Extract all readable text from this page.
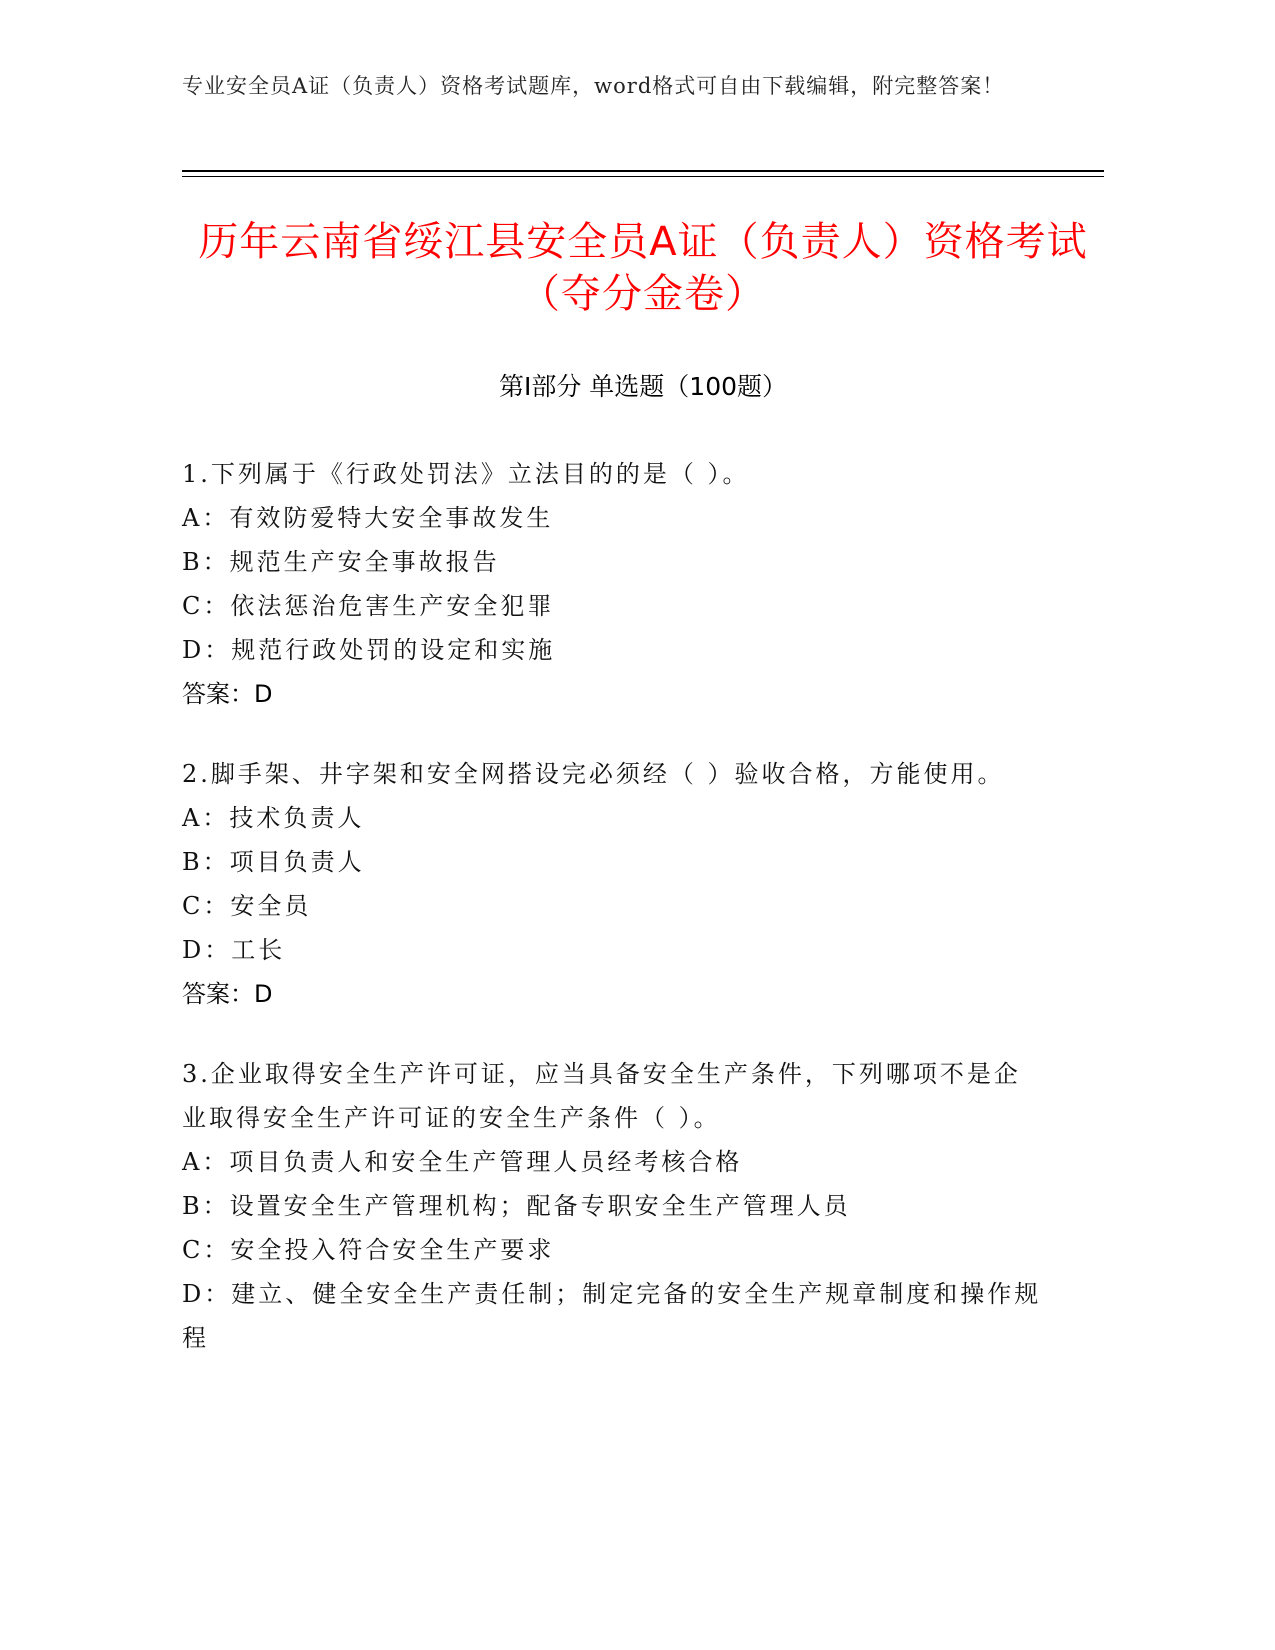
专业安全员A证（负责人）资格考试题库，word格式可自由下载编辑，附完整答案！
历年云南省绥江县安全员A证（负责人）资格考试（夺分金卷）
第Ⅰ部分 单选题（100题）
1.下列属于《行政处罚法》立法目的的是（ ）。
A：有效防爱特大安全事故发生
B：规范生产安全事故报告
C：依法惩治危害生产安全犯罪
D：规范行政处罚的设定和实施
答案：D
2.脚手架、井字架和安全网搭设完必须经（ ）验收合格，方能使用。
A：技术负责人
B：项目负责人
C：安全员
D：工长
答案：D
3.企业取得安全生产许可证，应当具备安全生产条件，下列哪项不是企业取得安全生产许可证的安全生产条件（ ）。
A：项目负责人和安全生产管理人员经考核合格
B：设置安全生产管理机构；配备专职安全生产管理人员
C：安全投入符合安全生产要求
D：建立、健全安全生产责任制；制定完备的安全生产规章制度和操作规程
